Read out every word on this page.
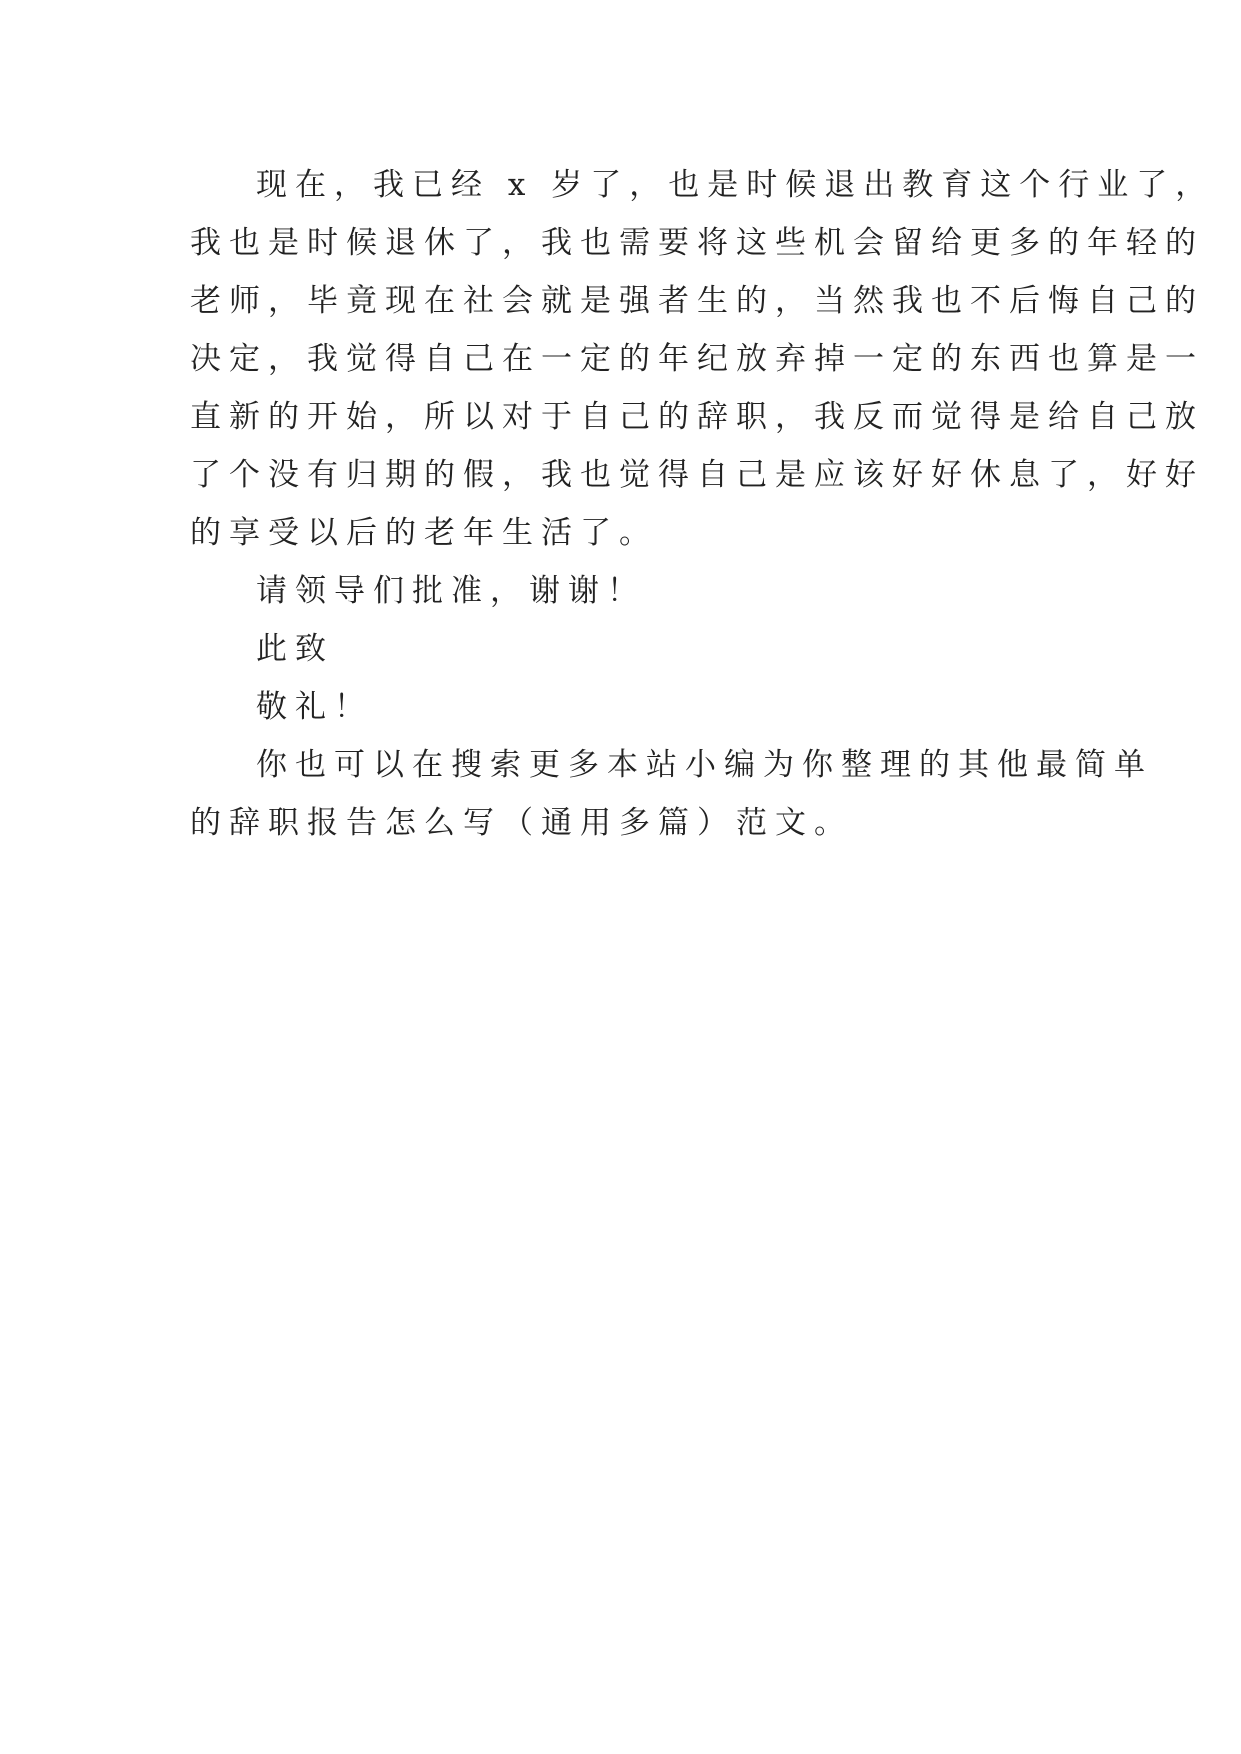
现在，我已经 x 岁了，也是时候退出教育这个行业了，
我也是时候退休了，我也需要将这些机会留给更多的年轻的
老师，毕竟现在社会就是强者生的，当然我也不后悔自己的
决定，我觉得自己在一定的年纪放弃掉一定的东西也算是一
直新的开始，所以对于自己的辞职，我反而觉得是给自己放
了个没有归期的假，我也觉得自己是应该好好休息了，好好
的享受以后的老年生活了。

请领导们批准，谢谢！

此致

敬礼！

你也可以在搜索更多本站小编为你整理的其他最简单
的辞职报告怎么写（通用多篇）范文。
